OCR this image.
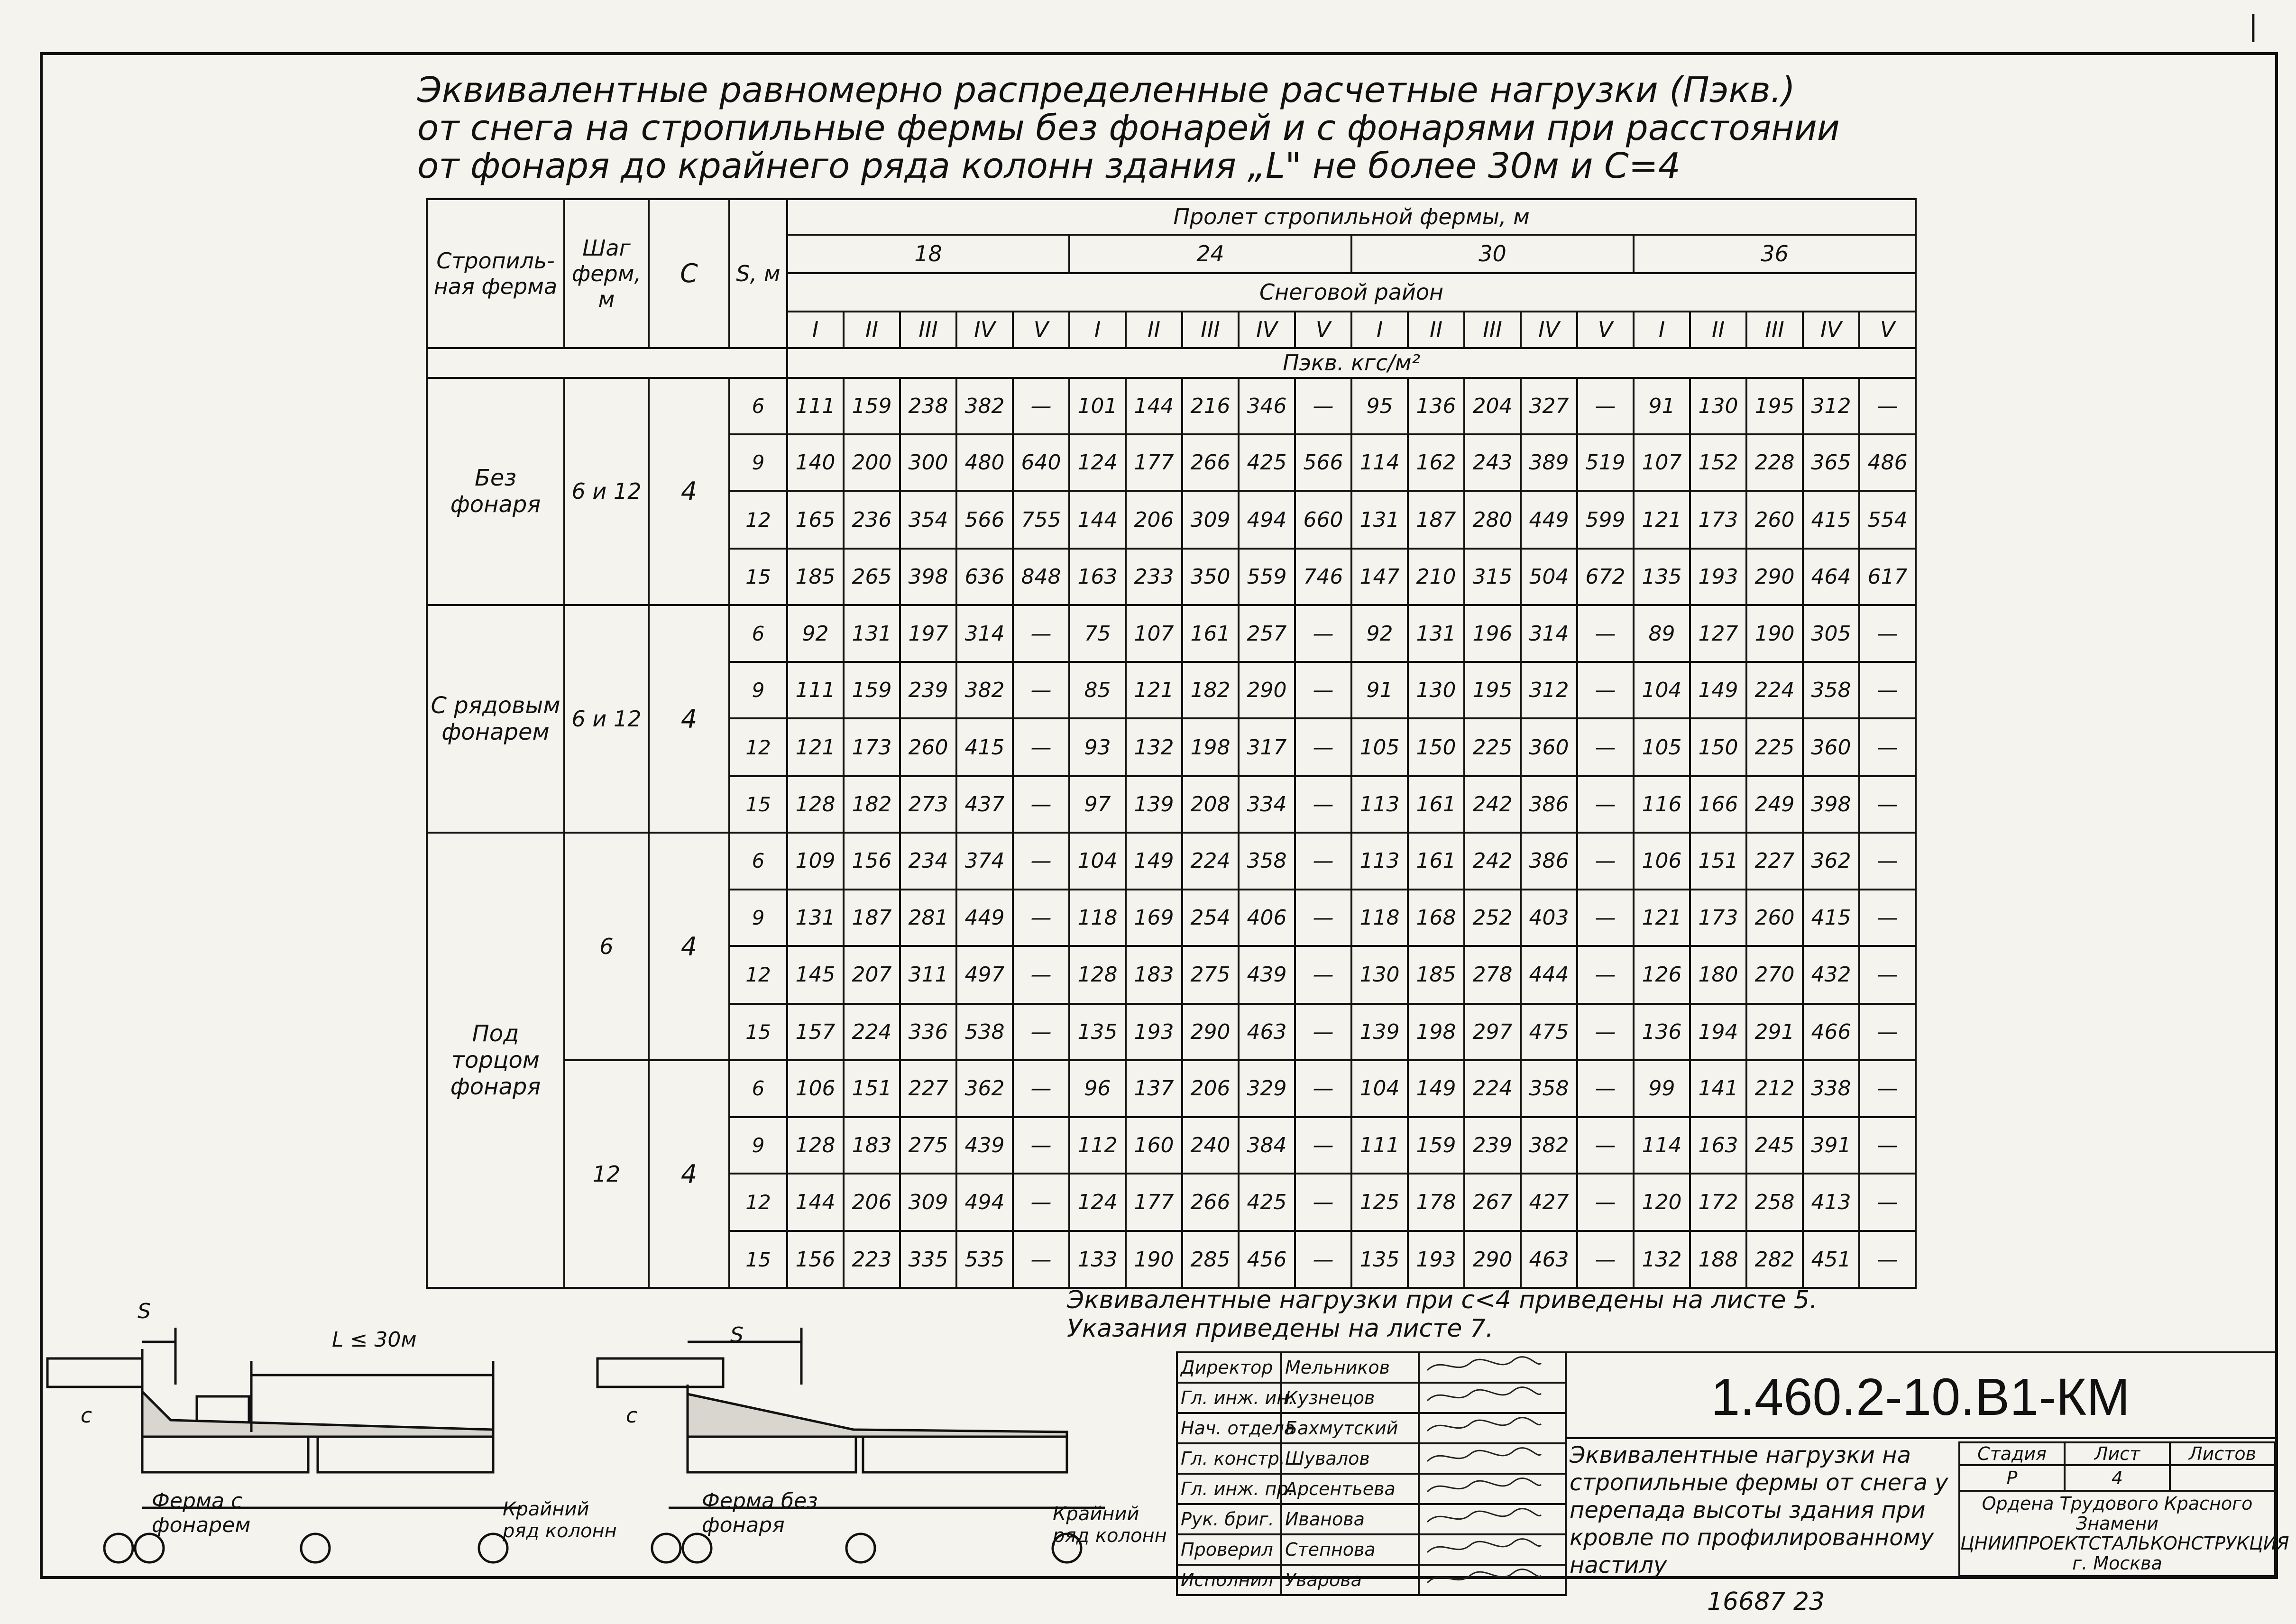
|
Эквивалентные равномерно распределенные расчетные нагрузки (Пэкв.) от снега на стропильные фермы без фонарей и с фонарями при расстоянии от фонаря до крайнего ряда колонн здания „L" не более 30м и C=4
Стропиль-ная ферма	Шаг ферм, м	C	S, м	Пролет стропильной фермы, м																			
				18					24					30					36				
				Снеговой район																			
				I	II	III	IV	V	I	II	III	IV	V	I	II	III	IV	V	I	II	III	IV	V
				Пэкв. кгс/м²																			
Без фонаря	6 и 12	4	6	111	159	238	382	—	101	144	216	346	—	95	136	204	327	—	91	130	195	312	—
			9	140	200	300	480	640	124	177	266	425	566	114	162	243	389	519	107	152	228	365	486
			12	165	236	354	566	755	144	206	309	494	660	131	187	280	449	599	121	173	260	415	554
			15	185	265	398	636	848	163	233	350	559	746	147	210	315	504	672	135	193	290	464	617
С рядовым фонарем	6 и 12	4	6	92	131	197	314	—	75	107	161	257	—	92	131	196	314	—	89	127	190	305	—
			9	111	159	239	382	—	85	121	182	290	—	91	130	195	312	—	104	149	224	358	—
			12	121	173	260	415	—	93	132	198	317	—	105	150	225	360	—	105	150	225	360	—
			15	128	182	273	437	—	97	139	208	334	—	113	161	242	386	—	116	166	249	398	—
Под торцом фонаря	6	4	6	109	156	234	374	—	104	149	224	358	—	113	161	242	386	—	106	151	227	362	—
			9	131	187	281	449	—	118	169	254	406	—	118	168	252	403	—	121	173	260	415	—
			12	145	207	311	497	—	128	183	275	439	—	130	185	278	444	—	126	180	270	432	—
			15	157	224	336	538	—	135	193	290	463	—	139	198	297	475	—	136	194	291	466	—
	12	4	6	106	151	227	362	—	96	137	206	329	—	104	149	224	358	—	99	141	212	338	—
			9	128	183	275	439	—	112	160	240	384	—	111	159	239	382	—	114	163	245	391	—
			12	144	206	309	494	—	124	177	266	425	—	125	178	267	427	—	120	172	258	413	—
			15	156	223	335	535	—	133	190	285	456	—	135	193	290	463	—	132	188	282	451	—
Эквивалентные нагрузки при c<4 приведены на листе 5.
Указания приведены на листе 7.
S
L ≤ 30м
c
S
c
Ферма с фонарем
Ферма без фонаря
Крайний ряд колонн
Крайний ряд колонн
Директор	Мельников	
Гл. инж. ин.	Кузнецов	
Нач. отдела	Бахмутский	
Гл. констр.	Шувалов	
Гл. инж. пр.	Арсентьева	
Рук. бриг.	Иванова	
Проверил	Степнова	
Исполнил	Уварова	
1.460.2-10.В1-КМ
Эквивалентные нагрузки на стропильные фермы от снега у перепада высоты здания при кровле по профилированному настилу
Стадия	Лист	Листов
Р	4	
Ордена Трудового Красного Знамени ЦНИИПРОЕКТСТАЛЬКОНСТРУКЦИЯ г. Москва		
16687 23
